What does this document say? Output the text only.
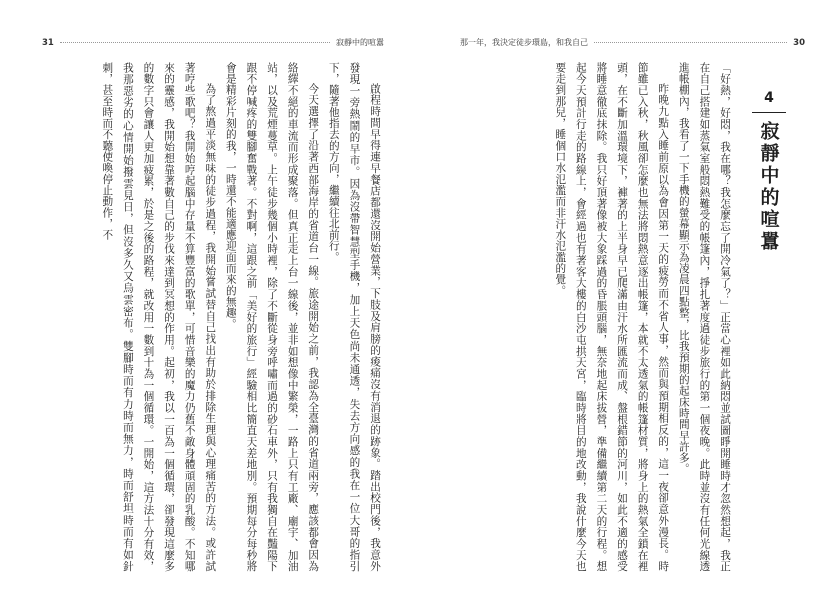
31	寂靜中的喧囂

啟程時間早得連早餐店都還沒開始營業，下肢及肩膀的痠痛沒有消退的跡象。踏出校門後，我意外發現一旁熱鬧的早市。因為沒帶智慧型手機，加上天色尚未通透，失去方向感的我在一位大哥的指引下，隨著他指去的方向，繼續往北前行。

今天選擇了沿著西部海岸的省道台一線。旅途開始之前，我認為全臺灣的省道兩旁，應該都會因為絡繹不絕的車流而形成聚落。但真正走上台一線後，並非如想像中繁榮，一路上只有工廠、廟宇、加油站，以及荒煙蔓草。上午徒步幾個小時裡，除了不斷從身旁呼嘯而過的砂石車外，只有我獨自在豔陽下跟不停喊疼的雙腳奮戰著。不對啊，這跟之前「美好的旅行」經驗相比簡直天差地別。預期每分每秒將會是精彩片刻的我，一時還不能適應迎面而來的無趣。

為了熬過平淡無味的徒步過程，我開始嘗試替自己找出有助於排除生理與心理痛苦的方法。或許試著哼些歌吧？我開始哼起腦中存量不算豐富的歌單，可惜音樂的魔力仍舊不敵身體頑固的乳酸。不知哪來的靈感，我開始想靠著數自己的步伐來達到冥想的作用。起初，我以一百為一個循環，卻發現這麼多的數字只會讓人更加疲累，於是之後的路程，就改用一數到十為一個循環。一開始，這方法十分有效，我那惡劣的心情開始撥雲見日，但沒多久又烏雲密布。雙腳時而有力時而無力，時而舒坦時而有如針刺，甚至時而不聽使喚停止動作，不

那一年，我決定徒步環島，和我自己	30
4
寂靜中的喧囂

「好熱，好悶，我在哪？我怎麼忘了開冷氣了？」正當心裡如此納悶並試圖睜開睡時才忽然想起，我正在自己搭建如蒸氣室般悶熱難受的帳篷內，掙扎著度過徒步旅行的第一個夜晚。此時並沒有任何光線透進帳棚內，我看了一下手機的螢幕顯示為凌晨四點整，比我預期的起床時間早許多。

昨晚九點入睡前原以為會因第一天的疲勞而不省人事，然而與預期相反的，這一夜卻意外漫長。時節雖已入秋，秋風卻怎麼也無法將悶熱意逐出帳篷，本就不太透氣的帳篷材質，將身上的熱氣全鎖在裡頭，在不斷加溫環境下，褲著的上半身早已爬滿由汗水所匯流而成、盤根錯節的河川，如此不適的感受將睡意徹底抹除。我只好頂著像被大象踩過的昏脹頭腦，無奈地起床拔營，準備繼續第二天的行程。想起今天預計行走的路線上，會經過也有著客大樓的白沙屯拱天宮，臨時將目的地改動，我說什麼今天也要走到那兒，睡個口水氾濫而非汗水氾濫的覺。
